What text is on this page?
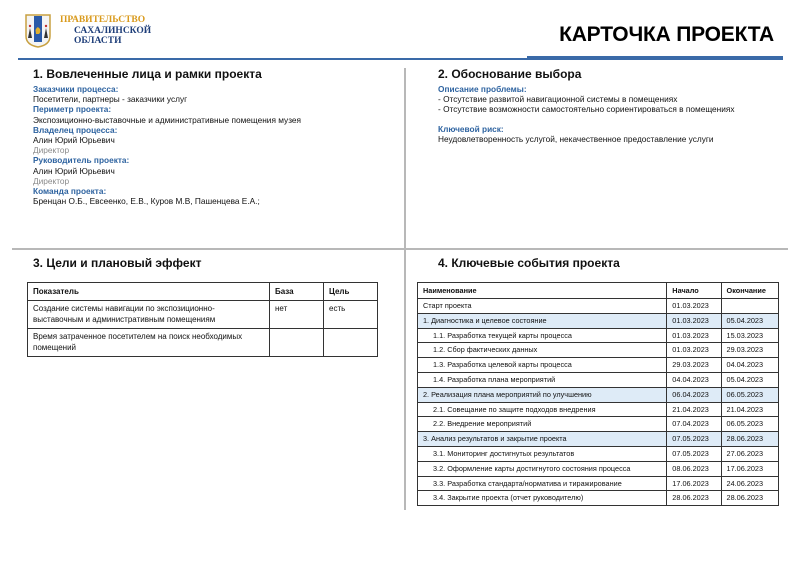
ПРАВИТЕЛЬСТВО
САХАЛИНСКОЙ
ОБЛАСТИ	КАРТОЧКА ПРОЕКТА
1. Вовлеченные лица и рамки проекта
Заказчики процесса:
Посетители, партнеры - заказчики услуг
Периметр проекта:
Экспозиционно-выставочные и административные помещения музея
Владелец процесса:
Алин Юрий Юрьевич
Директор
Руководитель проекта:
Алин Юрий Юрьевич
Директор
Команда проекта:
Бренцан О.Б., Евсеенко, Е.В., Куров М.В, Пашенцева Е.А.;
2. Обоснование выбора
Описание проблемы:
- Отсутствие развитой навигационной системы в помещениях
- Отсутствие возможности самостоятельно сориентироваться в помещениях
Ключевой риск:
Неудовлетворенность услугой, некачественное предоставление услуги
3. Цели и плановый эффект
Показатель	База	Цель
Создание системы навигации по экспозиционно-выставочным и административным помещениям	нет	есть
Время затраченное посетителем на поиск необходимых помещений		
4. Ключевые события проекта
Наименование	Начало	Окончание
Старт проекта	01.03.2023	
1. Диагностика и целевое состояние	01.03.2023	05.04.2023
1.1. Разработка текущей карты процесса	01.03.2023	15.03.2023
1.2. Сбор фактических данных	01.03.2023	29.03.2023
1.3. Разработка целевой карты процесса	29.03.2023	04.04.2023
1.4. Разработка плана мероприятий	04.04.2023	05.04.2023
2. Реализация плана мероприятий по улучшению	06.04.2023	06.05.2023
2.1. Совещание по защите подходов внедрения	21.04.2023	21.04.2023
2.2. Внедрение мероприятий	07.04.2023	06.05.2023
3. Анализ результатов и закрытие проекта	07.05.2023	28.06.2023
3.1. Мониторинг достигнутых результатов	07.05.2023	27.06.2023
3.2. Оформление карты достигнутого состояния процесса	08.06.2023	17.06.2023
3.3. Разработка стандарта/норматива и тиражирование	17.06.2023	24.06.2023
3.4. Закрытие проекта (отчет руководителю)	28.06.2023	28.06.2023
